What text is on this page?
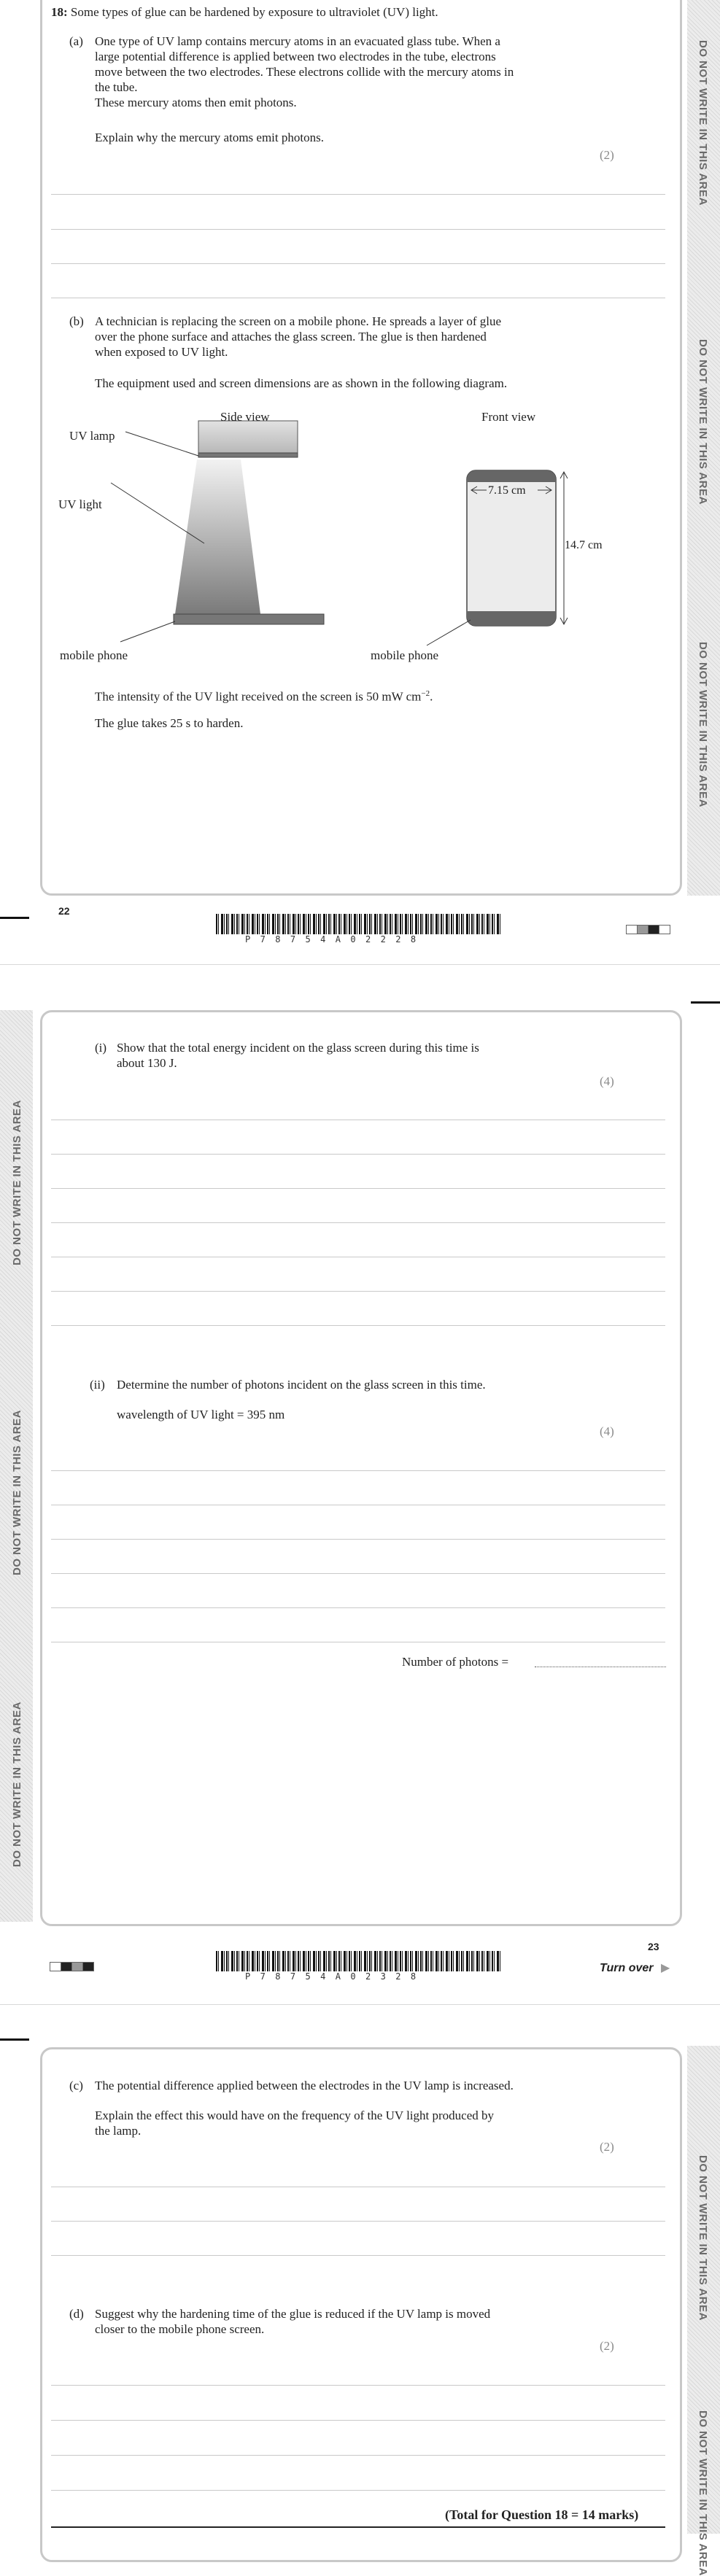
DO NOT WRITE IN THIS AREA
DO NOT WRITE IN THIS AREA
DO NOT WRITE IN THIS AREA
18: Some types of glue can be hardened by exposure to ultraviolet (UV) light.
(a) One type of UV lamp contains mercury atoms in an evacuated glass tube. When a
large potential difference is applied between two electrodes in the tube, electrons
move between the two electrodes. These electrons collide with the mercury atoms in
the tube.
These mercury atoms then emit photons.
Explain why the mercury atoms emit photons.
(2)
(b) A technician is replacing the screen on a mobile phone. He spreads a layer of glue
over the phone surface and attaches the glass screen. The glue is then hardened
when exposed to UV light.
The equipment used and screen dimensions are as shown in the following diagram.
Side view	Front view
UV lamp
UV light
mobile phone	mobile phone
7.15 cm
14.7 cm
The intensity of the UV light received on the screen is 50 mW $cm^{-2}$.
The glue takes 25 s to harden.
22
P78754A02228
DO NOT WRITE IN THIS AREA
DO NOT WRITE IN THIS AREA
DO NOT WRITE IN THIS AREA
(i) Show that the total energy incident on the glass screen during this time is
about 130 J.
(4)
(ii) Determine the number of photons incident on the glass screen in this time.
wavelength of UV light = 395 nm
(4)
Number of photons =
23
P78754A02328
Turn over ▶
DO NOT WRITE IN THIS AREA
DO NOT WRITE IN THIS AREA
(c) The potential difference applied between the electrodes in the UV lamp is increased.
Explain the effect this would have on the frequency of the UV light produced by
the lamp.
(2)
(d) Suggest why the hardening time of the glue is reduced if the UV lamp is moved
closer to the mobile phone screen.
(2)
(Total for Question 18 = 14 marks)
